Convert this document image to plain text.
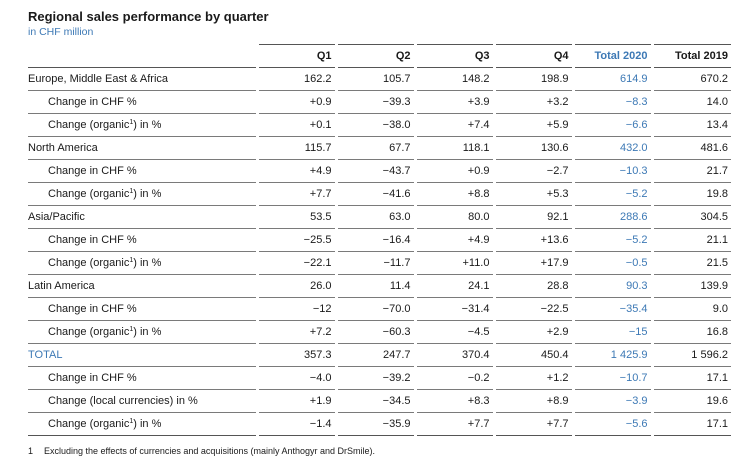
Regional sales performance by quarter
in CHF million
	Q1	Q2	Q3	Q4	Total 2020	Total 2019
Europe, Middle East & Africa	162.2	105.7	148.2	198.9	614.9	670.2
Change in CHF %	+0.9	−39.3	+3.9	+3.2	−8.3	14.0
Change (organic$^1$) in %	+0.1	−38.0	+7.4	+5.9	−6.6	13.4
North America	115.7	67.7	118.1	130.6	432.0	481.6
Change in CHF %	+4.9	−43.7	+0.9	−2.7	−10.3	21.7
Change (organic$^1$) in %	+7.7	−41.6	+8.8	+5.3	−5.2	19.8
Asia/Pacific	53.5	63.0	80.0	92.1	288.6	304.5
Change in CHF %	−25.5	−16.4	+4.9	+13.6	−5.2	21.1
Change (organic$^1$) in %	−22.1	−11.7	+11.0	+17.9	−0.5	21.5
Latin America	26.0	11.4	24.1	28.8	90.3	139.9
Change in CHF %	−12	−70.0	−31.4	−22.5	−35.4	9.0
Change (organic$^1$) in %	+7.2	−60.3	−4.5	+2.9	−15	16.8
TOTAL	357.3	247.7	370.4	450.4	1 425.9	1 596.2
Change in CHF %	−4.0	−39.2	−0.2	+1.2	−10.7	17.1
Change (local currencies) in %	+1.9	−34.5	+8.3	+8.9	−3.9	19.6
Change (organic$^1$) in %	−1.4	−35.9	+7.7	+7.7	−5.6	17.1
1 Excluding the effects of currencies and acquisitions (mainly Anthogyr and DrSmile).
